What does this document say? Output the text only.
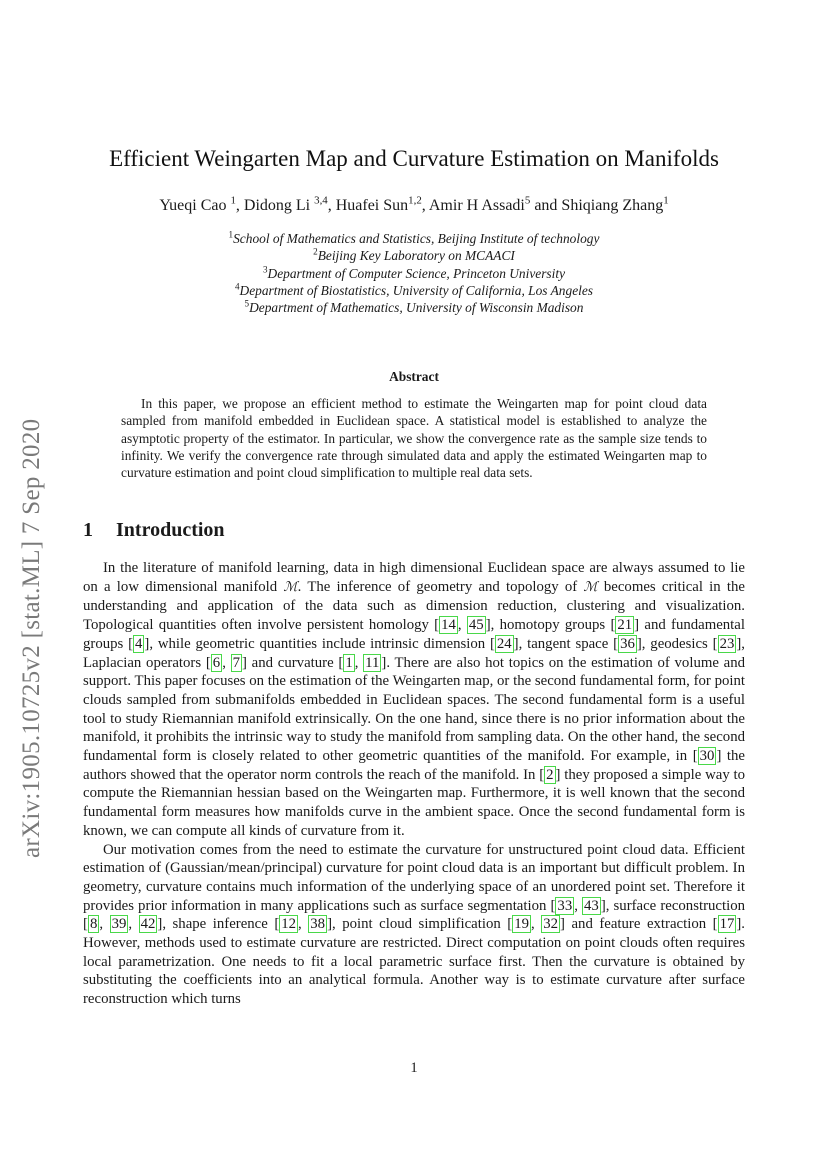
arXiv:1905.10725v2 [stat.ML] 7 Sep 2020
Efficient Weingarten Map and Curvature Estimation on Manifolds
Yueqi Cao $^1$, Didong Li $^{3,4}$, Huafei Sun$^{1,2}$, Amir H Assadi$^5$ and Shiqiang Zhang$^1$
$^1$School of Mathematics and Statistics, Beijing Institute of technology
$^2$Beijing Key Laboratory on MCAACI
$^3$Department of Computer Science, Princeton University
$^4$Department of Biostatistics, University of California, Los Angeles
$^5$Department of Mathematics, University of Wisconsin Madison
Abstract
In this paper, we propose an efficient method to estimate the Weingarten map for point cloud data sampled from manifold embedded in Euclidean space. A statistical model is established to analyze the asymptotic property of the estimator. In particular, we show the convergence rate as the sample size tends to infinity. We verify the convergence rate through simulated data and apply the estimated Weingarten map to curvature estimation and point cloud simplification to multiple real data sets.
1 Introduction

In the literature of manifold learning, data in high dimensional Euclidean space are always assumed to lie on a low dimensional manifold ℳ. The inference of geometry and topology of ℳ becomes critical in the understanding and application of the data such as dimension reduction, clustering and visualization. Topological quantities often involve persistent homology [ 14 , 45 ], homotopy groups [ 21 ] and fundamental groups [ 4 ], while geometric quantities include intrinsic dimension [ 24 ], tangent space [ 36 ], geodesics [ 23 ], Laplacian operators [ 6 , 7 ] and curvature [ 1 , 11 ]. There are also hot topics on the estimation of volume and support. This paper focuses on the estimation of the Weingarten map, or the second fundamental form, for point clouds sampled from submanifolds embedded in Euclidean spaces. The second fundamental form is a useful tool to study Riemannian manifold extrinsically. On the one hand, since there is no prior information about the manifold, it prohibits the intrinsic way to study the manifold from sampling data. On the other hand, the second fundamental form is closely related to other geometric quantities of the manifold. For example, in [ 30 ] the authors showed that the operator norm controls the reach of the manifold. In [ 2 ] they proposed a simple way to compute the Riemannian hessian based on the Weingarten map. Furthermore, it is well known that the second fundamental form measures how manifolds curve in the ambient space. Once the second fundamental form is known, we can compute all kinds of curvature from it.

Our motivation comes from the need to estimate the curvature for unstructured point cloud data. Efficient estimation of (Gaussian/mean/principal) curvature for point cloud data is an important but difficult problem. In geometry, curvature contains much information of the underlying space of an unordered point set. Therefore it provides prior information in many applications such as surface segmentation [ 33 , 43 ], surface reconstruction [ 8 , 39 , 42 ], shape inference [ 12 , 38 ], point cloud simplification [ 19 , 32 ] and feature extraction [ 17 ]. However, methods used to estimate curvature are restricted. Direct computation on point clouds often requires local parametrization. One needs to fit a local parametric surface first. Then the curvature is obtained by substituting the coefficients into an analytical formula. Another way is to estimate curvature after surface reconstruction which turns

1
